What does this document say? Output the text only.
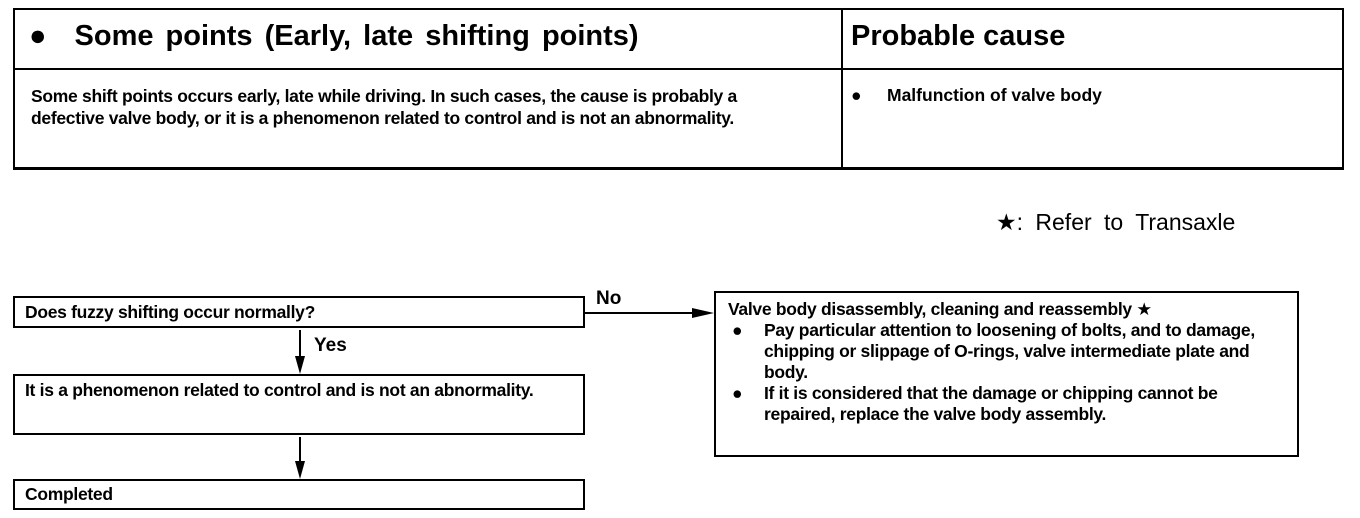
● Some points (Early, late shifting points)	Probable cause
Some shift points occurs early, late while driving. In such cases, the cause is probably a defective valve body, or it is a phenomenon related to control and is not an abnormality.
● Malfunction of valve body
★: Refer to Transaxle
Does fuzzy shifting occur normally?
No
Yes
It is a phenomenon related to control and is not an abnormality.
Completed
Valve body disassembly, cleaning and reassembly ★
● Pay particular attention to loosening of bolts, and to damage, chipping or slippage of O-rings, valve intermediate plate and body.
● If it is considered that the damage or chipping cannot be repaired, replace the valve body assembly.
